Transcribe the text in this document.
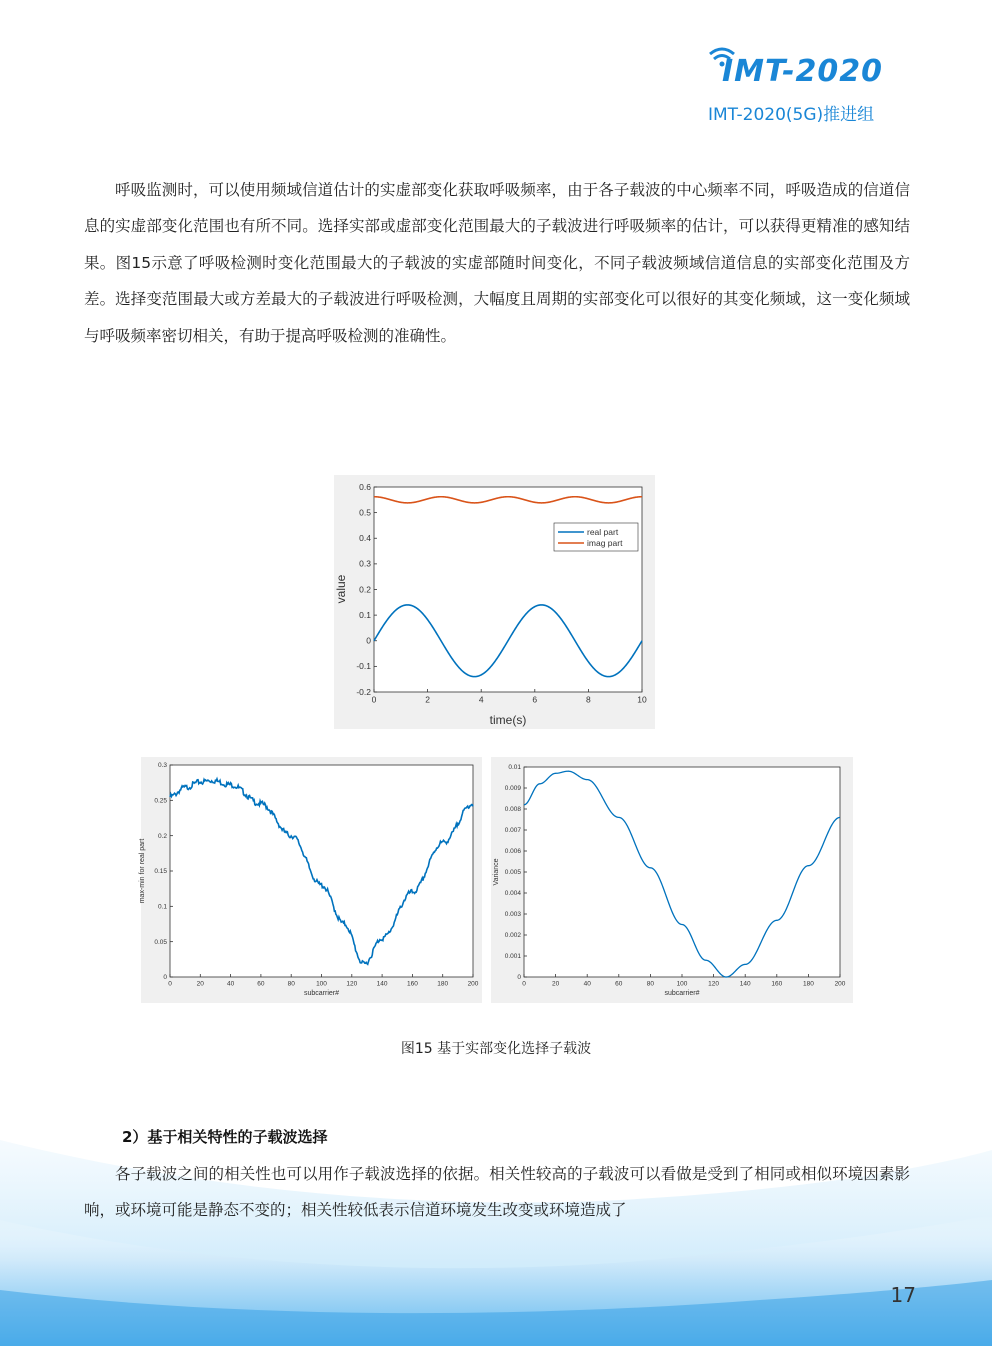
IMT-2020
IMT-2020(5G)推进组
呼吸监测时，可以使用频域信道估计的实虚部变化获取呼吸频率，由于各子载波的中心频率不同，呼吸造成的信道信息的实虚部变化范围也有所不同。选择实部或虚部变化范围最大的子载波进行呼吸频率的估计，可以获得更精准的感知结果。图15示意了呼吸检测时变化范围最大的子载波的实虚部随时间变化，不同子载波频域信道信息的实部变化范围及方差。选择变范围最大或方差最大的子载波进行呼吸检测，大幅度且周期的实部变化可以很好的其变化频域，这一变化频域与呼吸频率密切相关，有助于提高呼吸检测的准确性。
0	2	4	6	8	10
-0.2
-0.1
0
0.1
0.2
0.3
0.4
0.5
0.6
time(s)
value
real part
imag part
0	20	40	60	80	100	120	140	160	180	200
0
0.05
0.1
0.15
0.2
0.25
0.3
subcarrier#
max-min for real part
0	20	40	60	80	100	120	140	160	180	200
0
0.001
0.002
0.003
0.004
0.005
0.006
0.007
0.008
0.009
0.01
subcarrier#
Variance
图15 基于实部变化选择子载波
2）基于相关特性的子载波选择
各子载波之间的相关性也可以用作子载波选择的依据。相关性较高的子载波可以看做是受到了相同或相似环境因素影响，或环境可能是静态不变的；相关性较低表示信道环境发生改变或环境造成了
17
